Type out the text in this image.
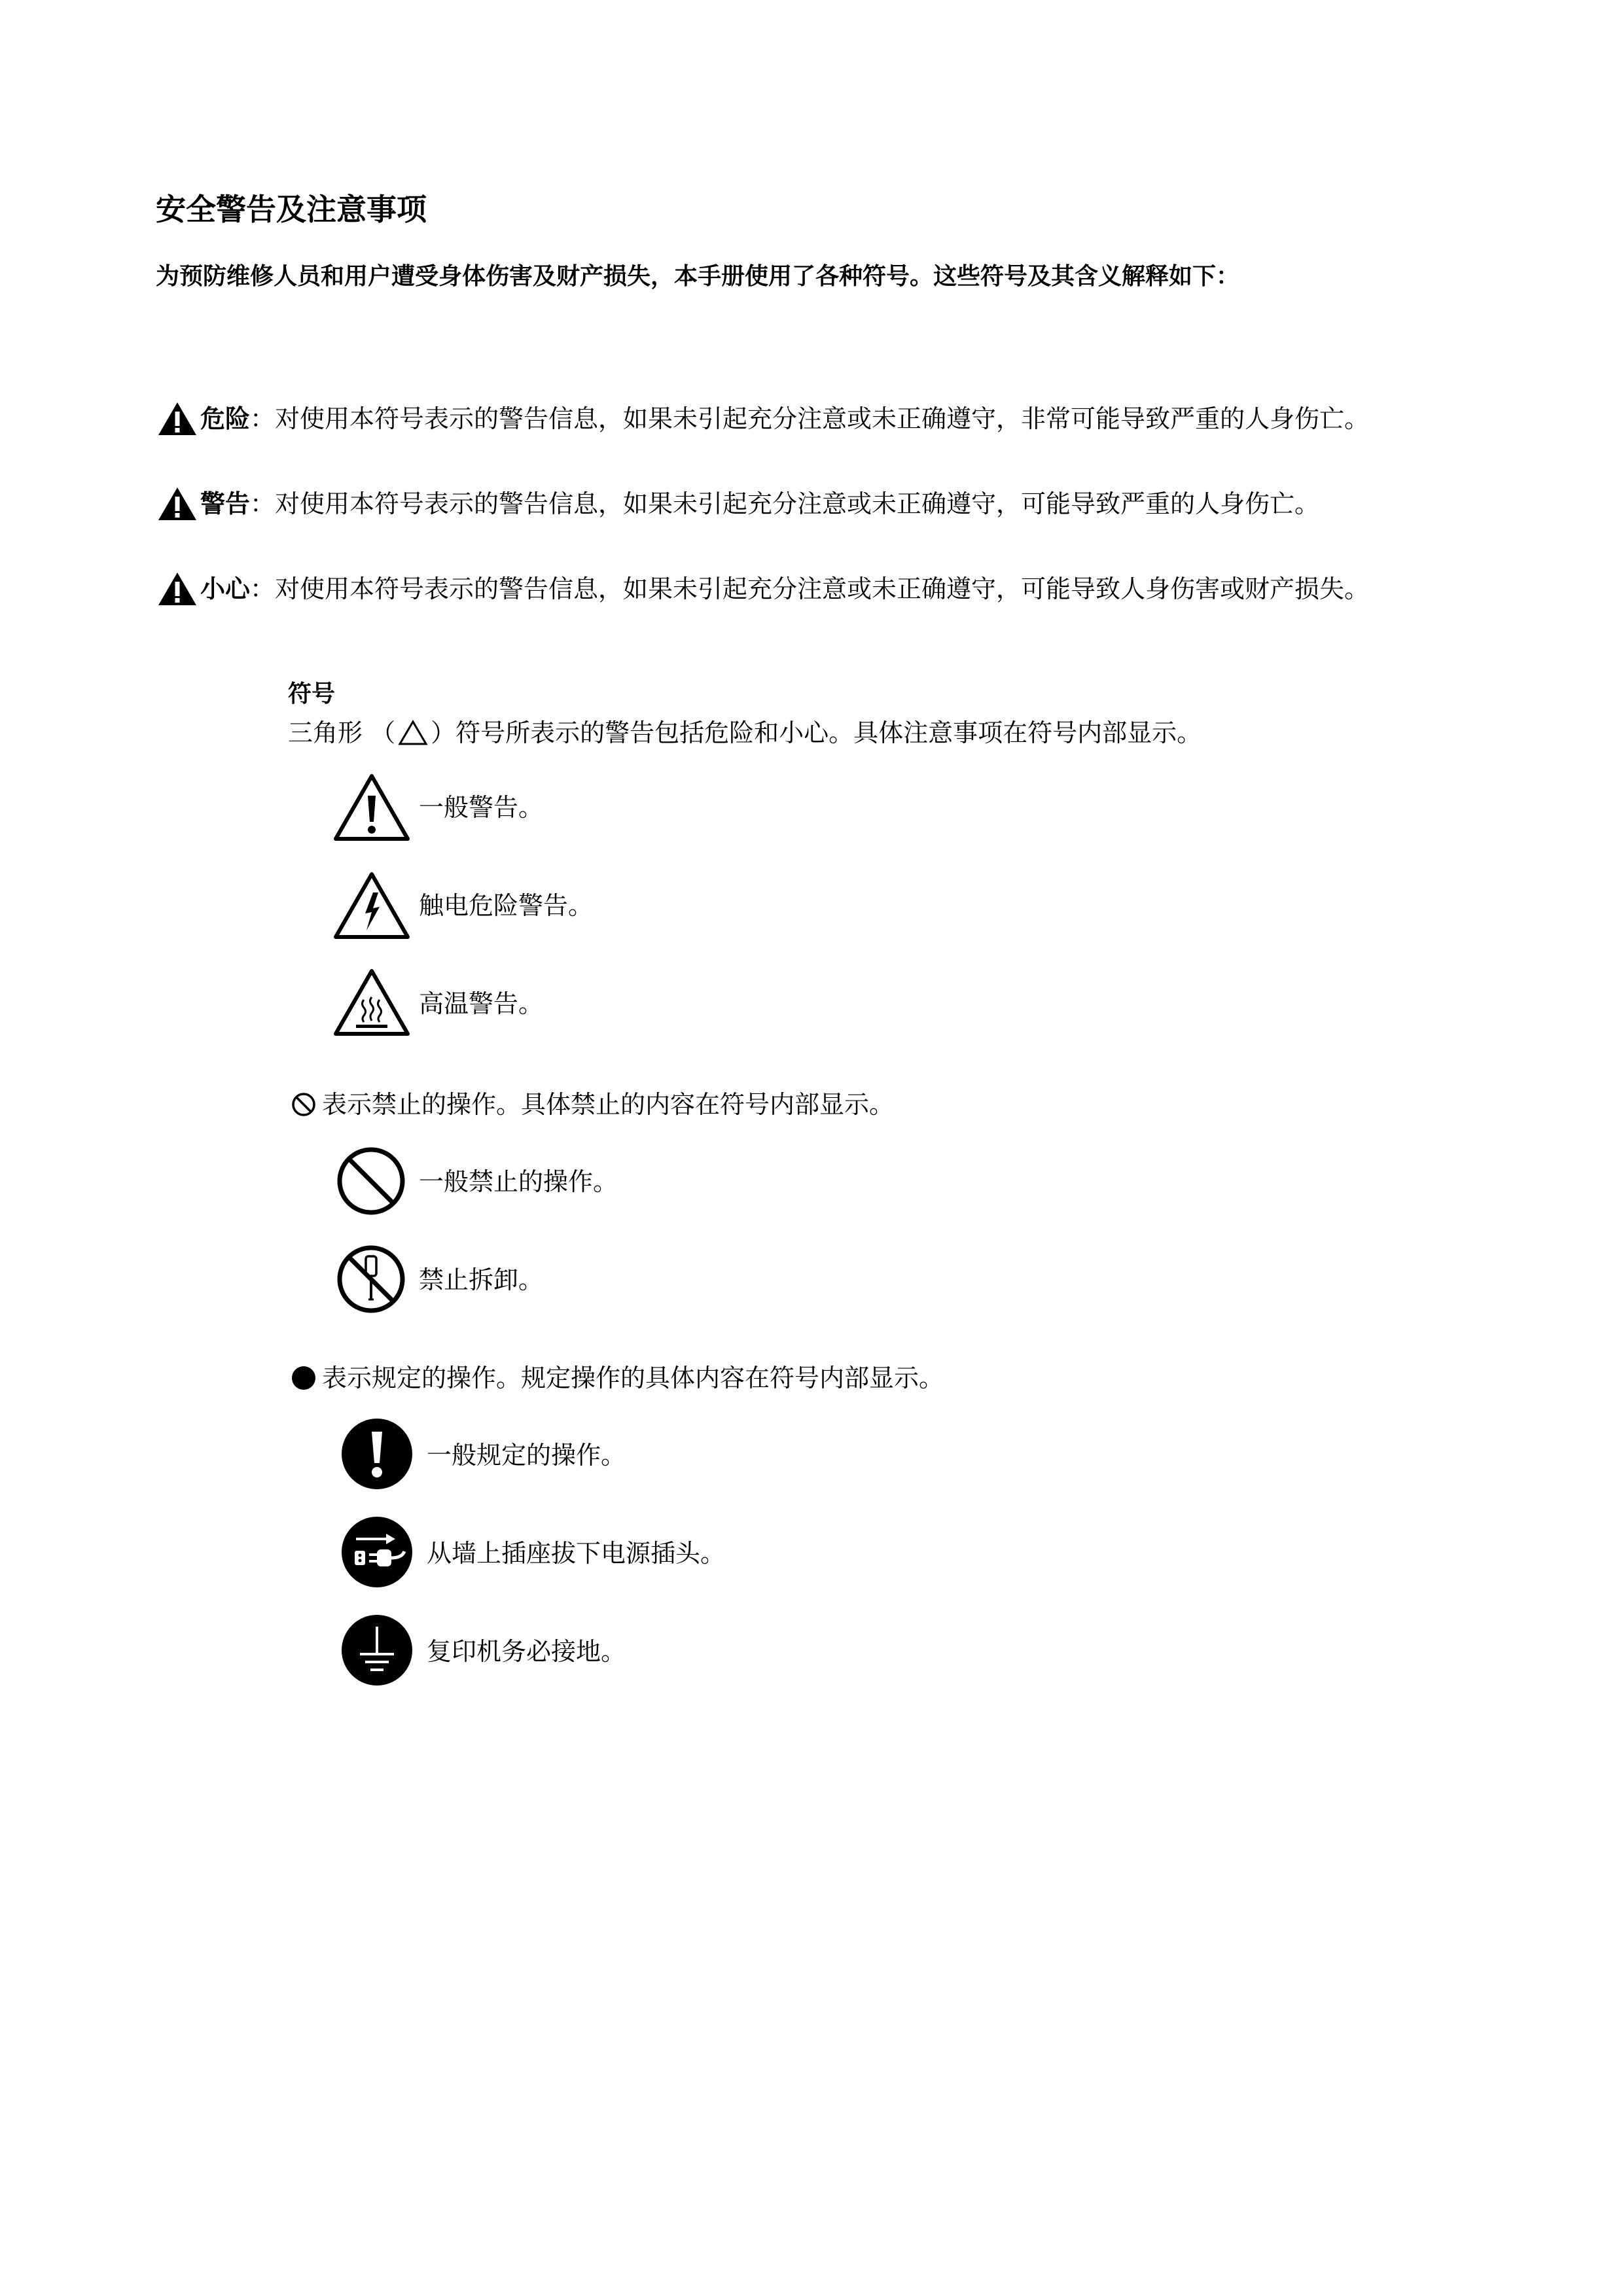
安全警告及注意事项
为预防维修人员和用户遭受身体伤害及财产损失，本手册使用了各种符号。这些符号及其含义解释如下：
危险 ：对使用本符号表示的警告信息，如果未引起充分注意或未正确遵守，非常可能导致严重的人身伤亡。
警告 ：对使用本符号表示的警告信息，如果未引起充分注意或未正确遵守，可能导致严重的人身伤亡。
小心 ：对使用本符号表示的警告信息，如果未引起充分注意或未正确遵守，可能导致人身伤害或财产损失。
符号
三角形 （ ）符号所表示的警告包括危险和小心。具体注意事项在符号内部显示。
一般警告。
触电危险警告。
高温警告。
表示禁止的操作。具体禁止的内容在符号内部显示。
一般禁止的操作。
禁止拆卸。
表示规定的操作。规定操作的具体内容在符号内部显示。
一般规定的操作。
从墙上插座拔下电源插头。
复印机务必接地。
